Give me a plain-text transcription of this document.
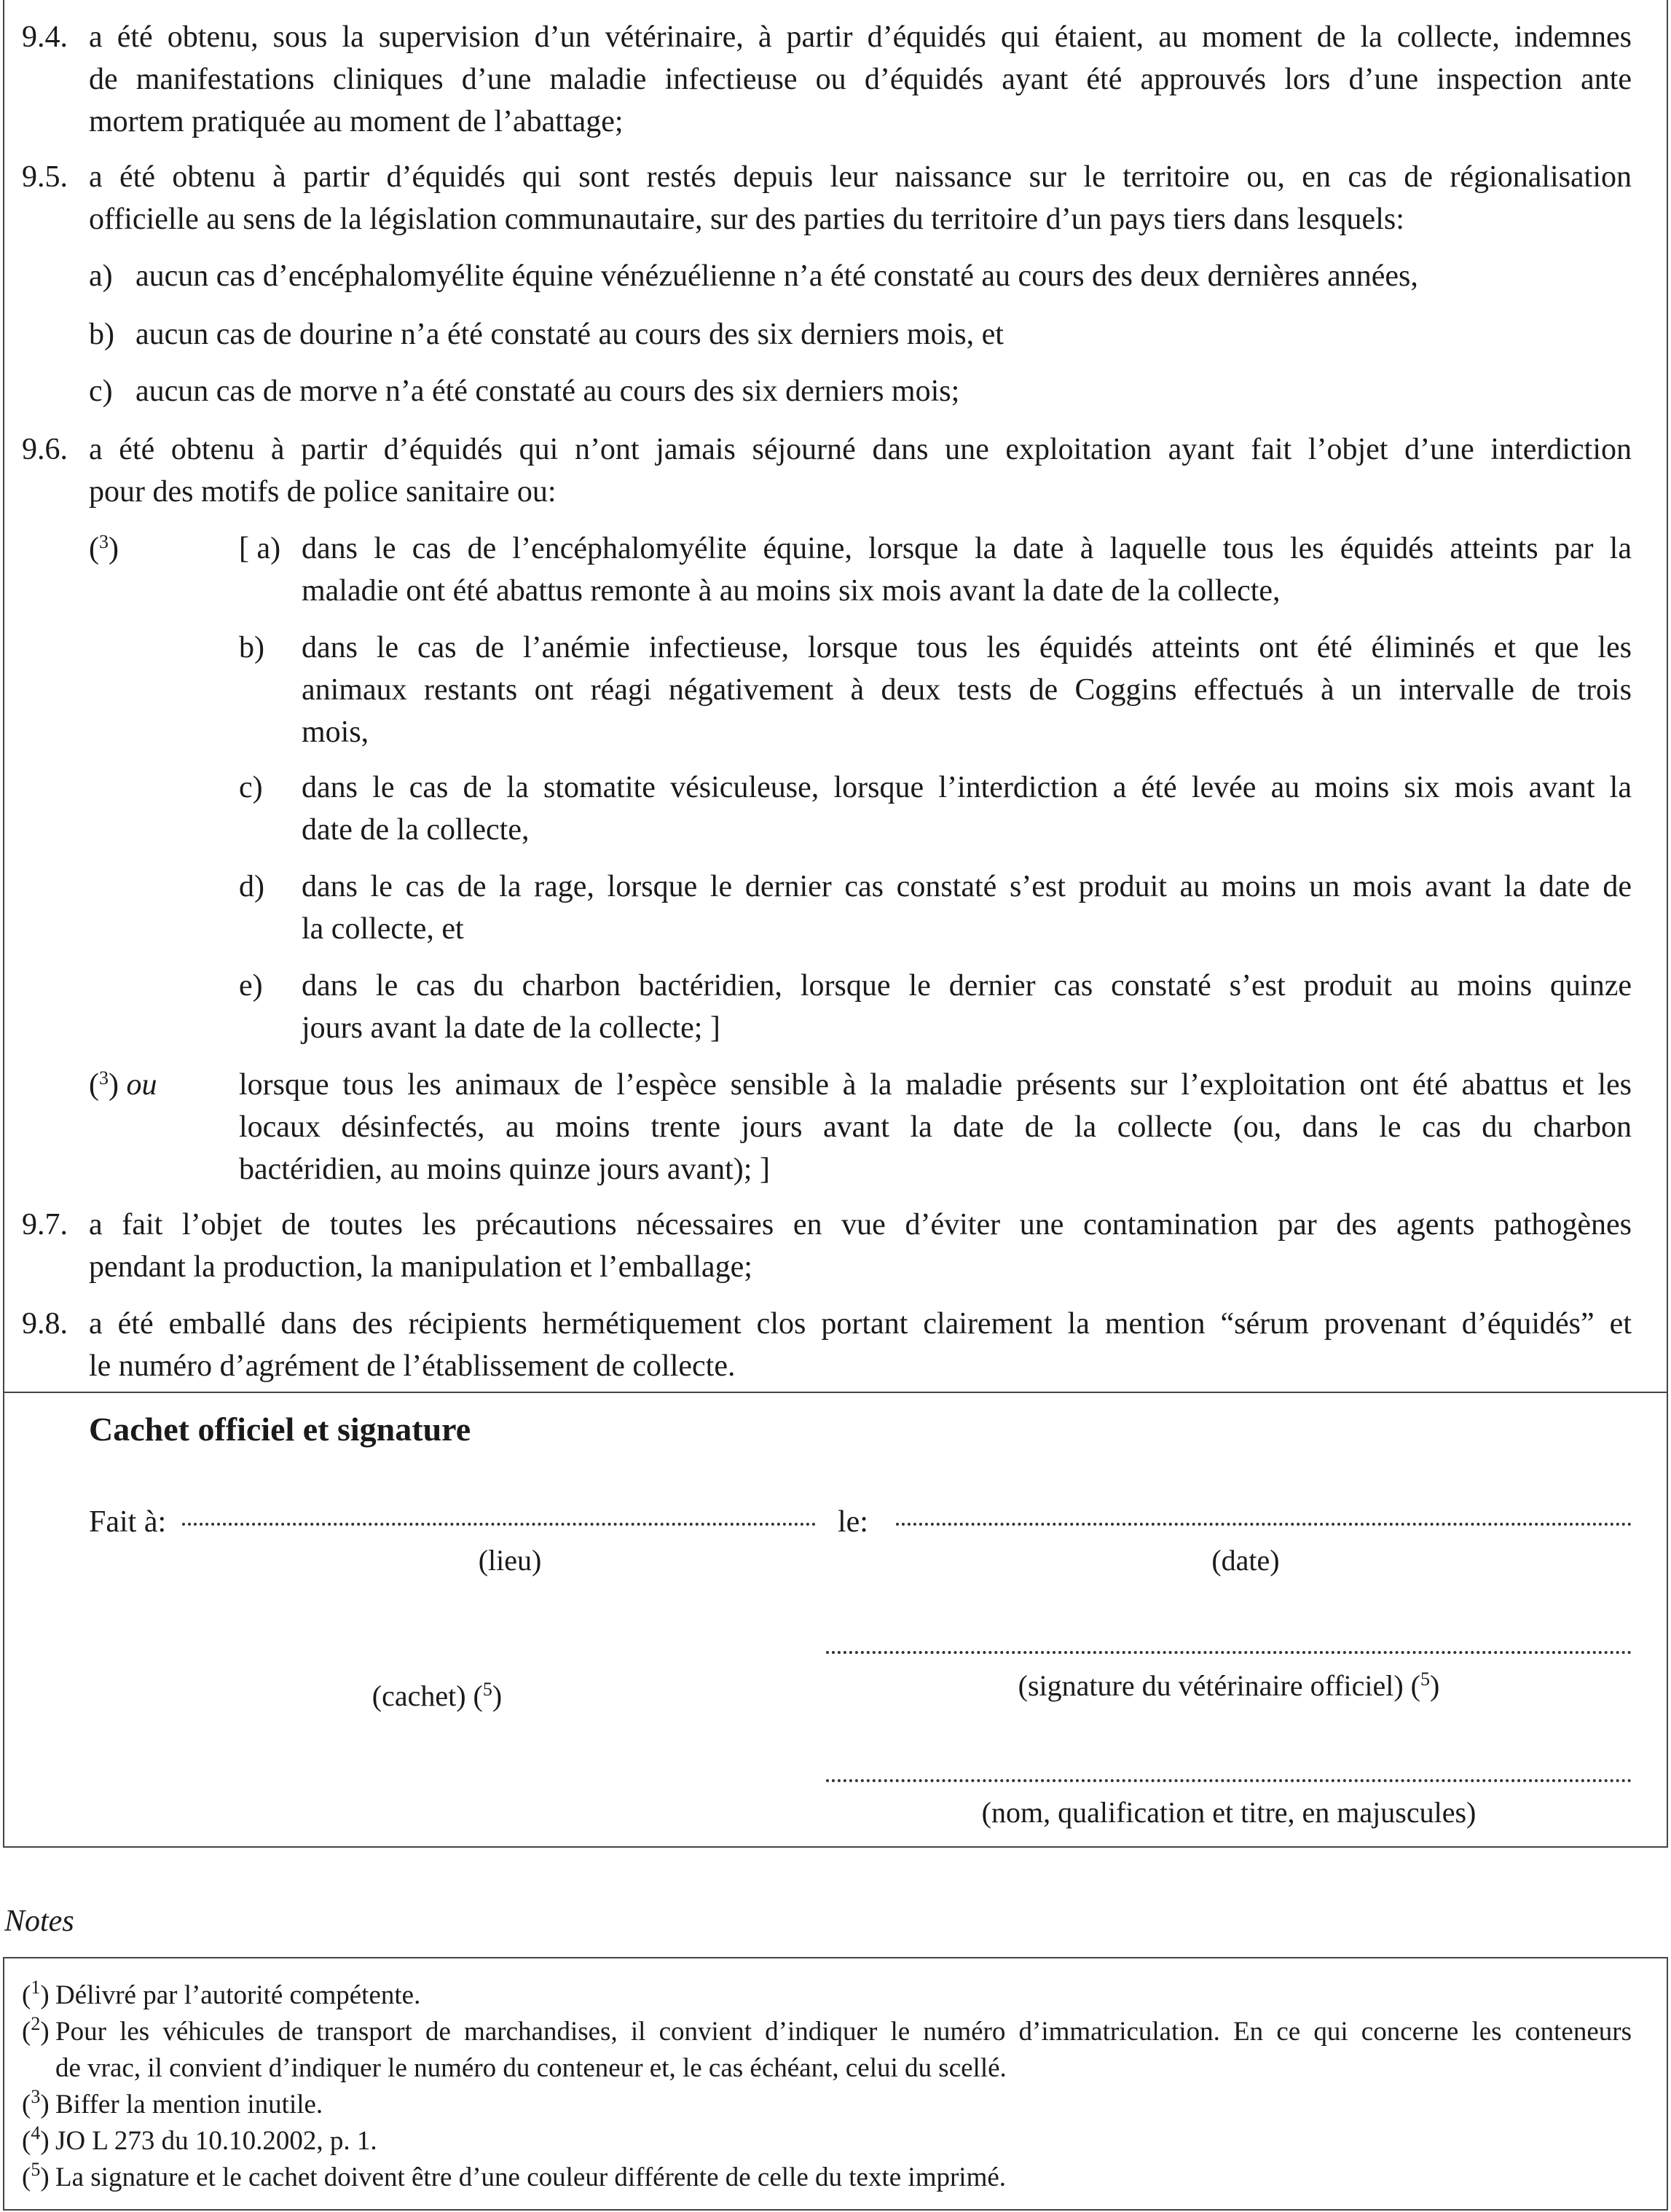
9.4. a été obtenu, sous la supervision d’un vétérinaire, à partir d’équidés qui étaient, au moment de la collecte, indemnes
de manifestations cliniques d’une maladie infectieuse ou d’équidés ayant été approuvés lors d’une inspection ante
mortem pratiquée au moment de l’abattage;
9.5. a été obtenu à partir d’équidés qui sont restés depuis leur naissance sur le territoire ou, en cas de régionalisation
officielle au sens de la législation communautaire, sur des parties du territoire d’un pays tiers dans lesquels:
a) aucun cas d’encéphalomyélite équine vénézuélienne n’a été constaté au cours des deux dernières années,
b) aucun cas de dourine n’a été constaté au cours des six derniers mois, et
c) aucun cas de morve n’a été constaté au cours des six derniers mois;
9.6. a été obtenu à partir d’équidés qui n’ont jamais séjourné dans une exploitation ayant fait l’objet d’une interdiction
pour des motifs de police sanitaire ou:
($^3$)	[ a) dans le cas de l’encéphalomyélite équine, lorsque la date à laquelle tous les équidés atteints par la
maladie ont été abattus remonte à au moins six mois avant la date de la collecte,
b) dans le cas de l’anémie infectieuse, lorsque tous les équidés atteints ont été éliminés et que les
animaux restants ont réagi négativement à deux tests de Coggins effectués à un intervalle de trois
mois,
c) dans le cas de la stomatite vésiculeuse, lorsque l’interdiction a été levée au moins six mois avant la
date de la collecte,
d) dans le cas de la rage, lorsque le dernier cas constaté s’est produit au moins un mois avant la date de
la collecte, et
e) dans le cas du charbon bactéridien, lorsque le dernier cas constaté s’est produit au moins quinze
jours avant la date de la collecte; ]
($^3$) ou	lorsque tous les animaux de l’espèce sensible à la maladie présents sur l’exploitation ont été abattus et les
locaux désinfectés, au moins trente jours avant la date de la collecte (ou, dans le cas du charbon
bactéridien, au moins quinze jours avant); ]
9.7. a fait l’objet de toutes les précautions nécessaires en vue d’éviter une contamination par des agents pathogènes
pendant la production, la manipulation et l’emballage;
9.8. a été emballé dans des récipients hermétiquement clos portant clairement la mention “sérum provenant d’équidés” et
le numéro d’agrément de l’établissement de collecte.
Cachet officiel et signature
Fait à:	le:
(lieu)	(date)
(signature du vétérinaire officiel) ($^5$)
(cachet) ($^5$)
(nom, qualification et titre, en majuscules)
Notes
($^1$) Délivré par l’autorité compétente.
($^2$) Pour les véhicules de transport de marchandises, il convient d’indiquer le numéro d’immatriculation. En ce qui concerne les conteneurs
de vrac, il convient d’indiquer le numéro du conteneur et, le cas échéant, celui du scellé.
($^3$) Biffer la mention inutile.
($^4$) JO L 273 du 10.10.2002, p. 1.
($^5$) La signature et le cachet doivent être d’une couleur différente de celle du texte imprimé.
